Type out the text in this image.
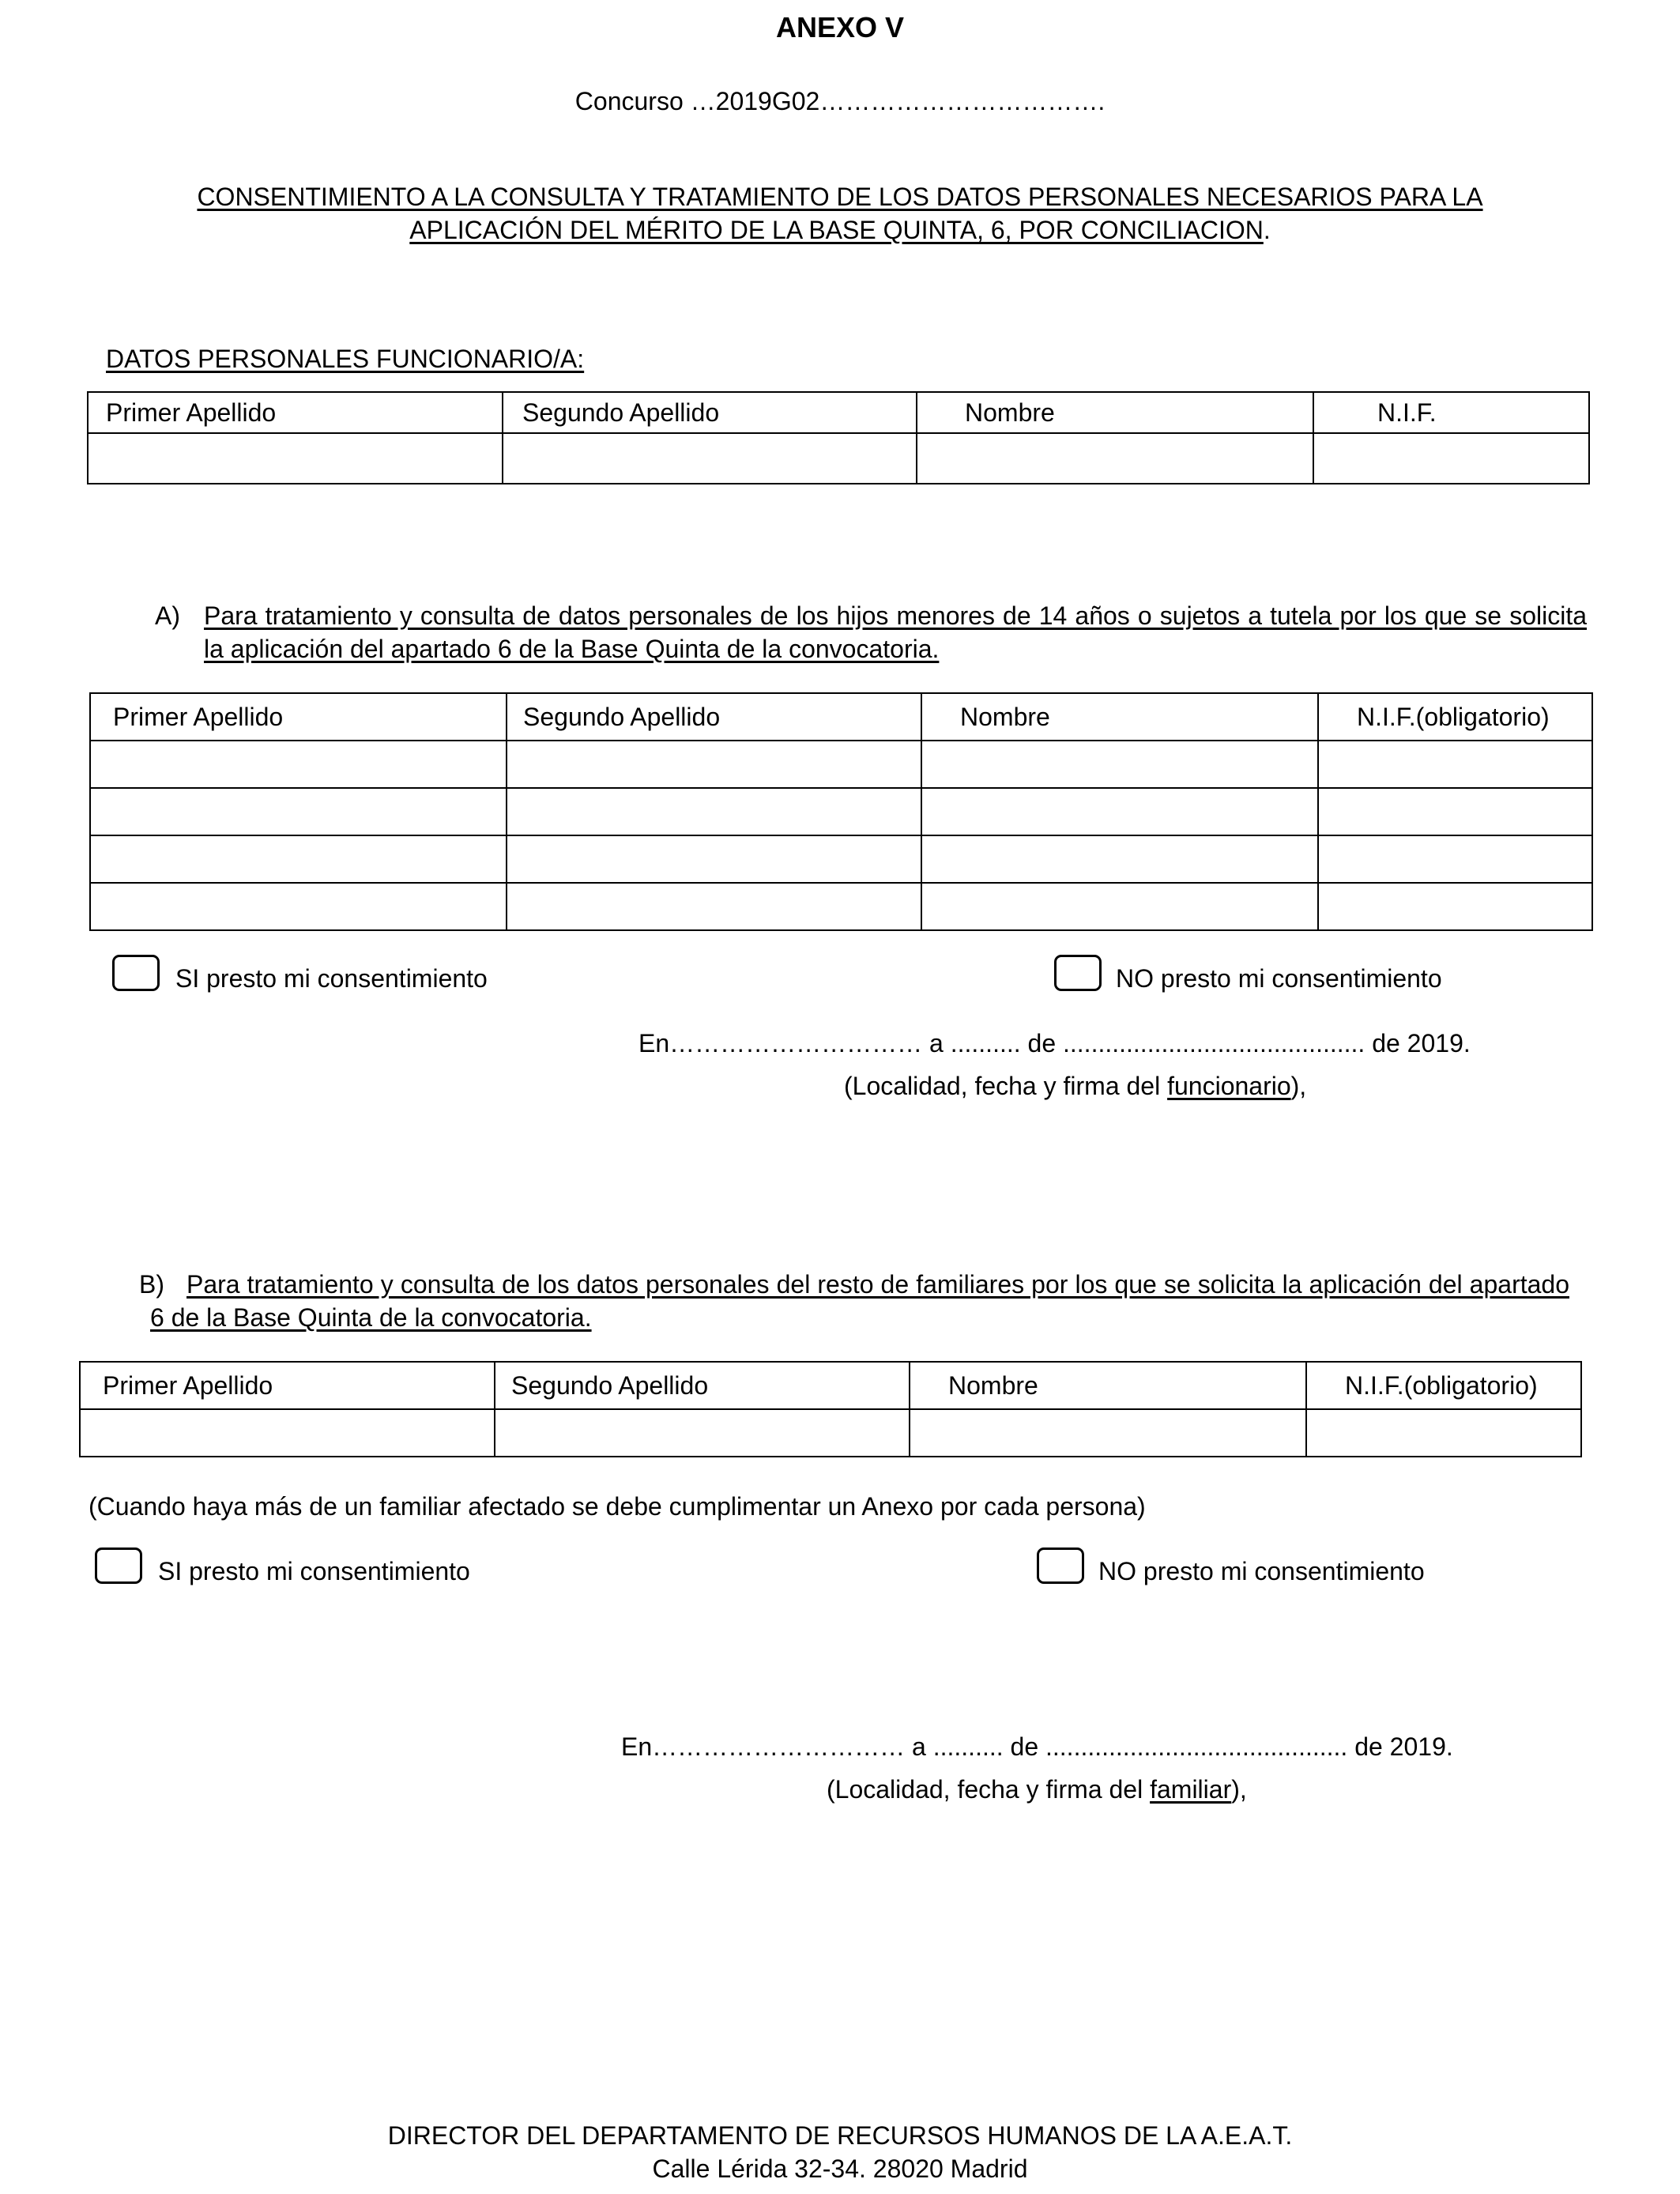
ANEXO V
Concurso …2019G02…………………………….
CONSENTIMIENTO A LA CONSULTA Y TRATAMIENTO DE LOS DATOS PERSONALES NECESARIOS PARA LA
APLICACIÓN DEL MÉRITO DE LA BASE QUINTA, 6, POR CONCILIACION.
DATOS PERSONALES FUNCIONARIO/A:
Primer Apellido	Segundo Apellido	Nombre	N.I.F.

A) Para tratamiento y consulta de datos personales de los hijos menores de 14 años o sujetos a tutela por los que se solicita la aplicación del apartado 6 de la Base Quinta de la convocatoria.
Primer Apellido	Segundo Apellido	Nombre	N.I.F.(obligatorio)

SI presto mi consentimiento	NO presto mi consentimiento
En………………………… a .......... de ........................................... de 2019.
(Localidad, fecha y firma del funcionario),
B) Para tratamiento y consulta de los datos personales del resto de familiares por los que se solicita la aplicación del apartado 6 de la Base Quinta de la convocatoria.
Primer Apellido	Segundo Apellido	Nombre	N.I.F.(obligatorio)

(Cuando haya más de un familiar afectado se debe cumplimentar un Anexo por cada persona)
SI presto mi consentimiento	NO presto mi consentimiento
En………………………… a .......... de ........................................... de 2019.
(Localidad, fecha y firma del familiar),
DIRECTOR DEL DEPARTAMENTO DE RECURSOS HUMANOS DE LA A.E.A.T.
Calle Lérida 32-34. 28020 Madrid
